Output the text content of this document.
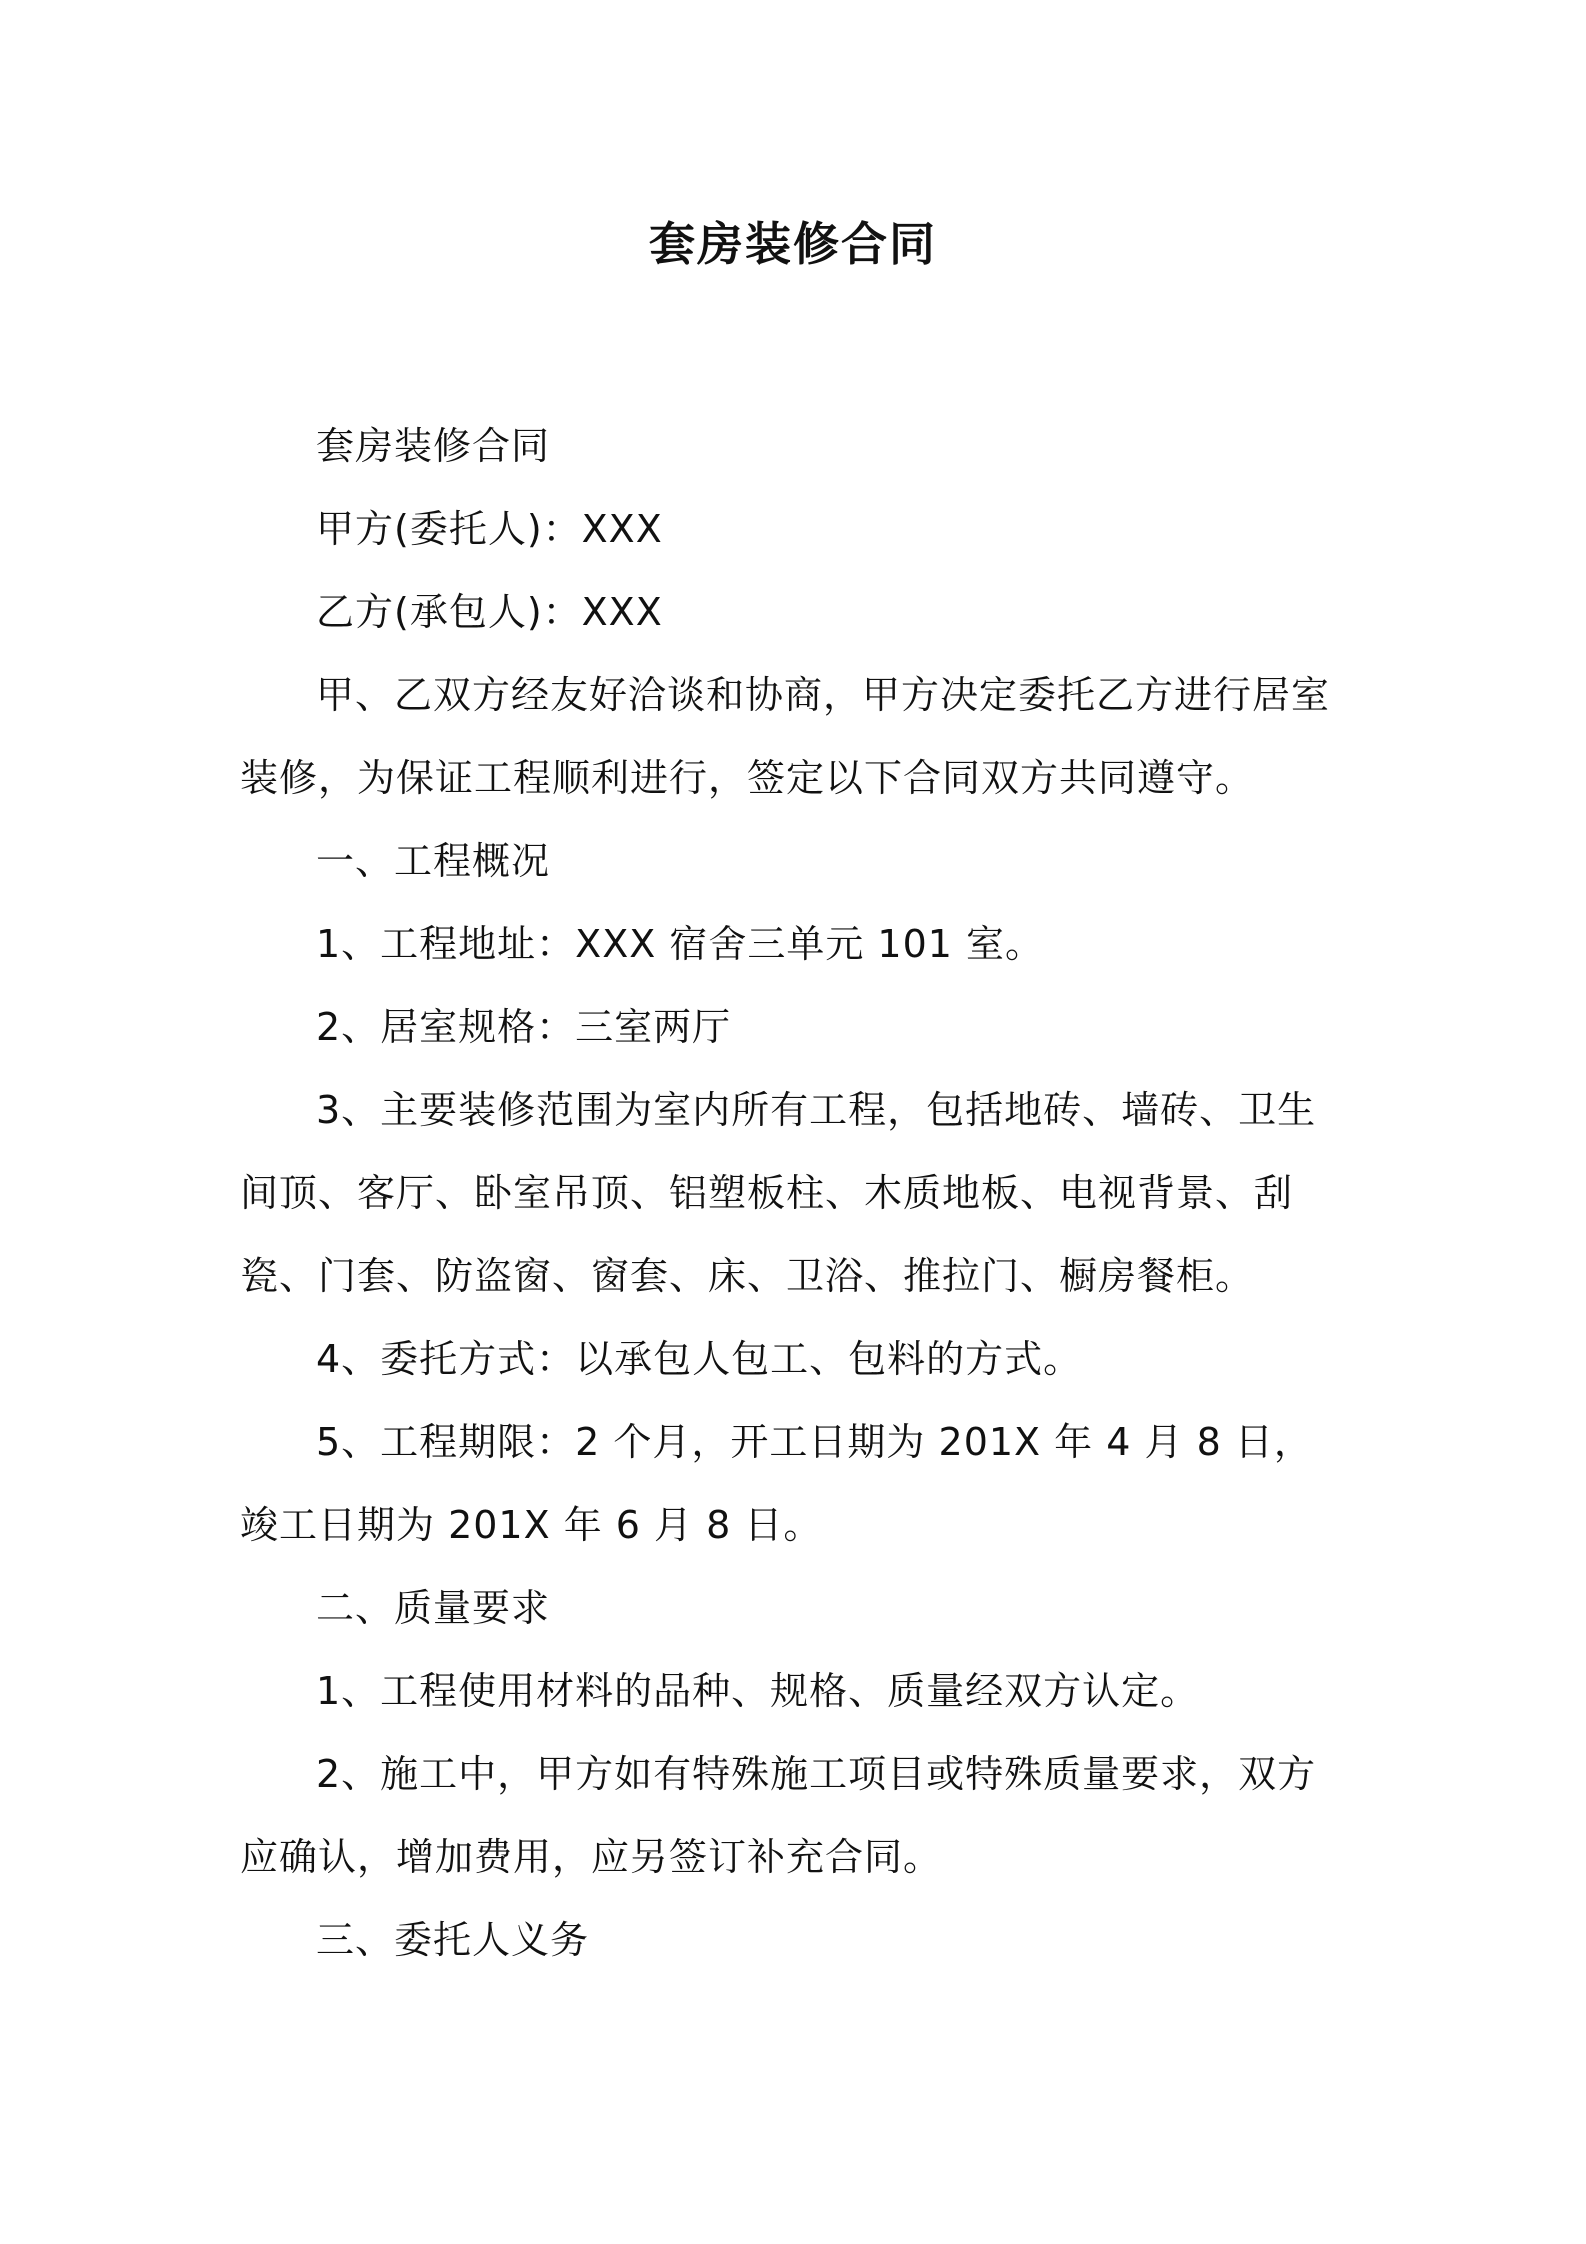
套房装修合同

套房装修合同

甲方(委托人)：XXX

乙方(承包人)：XXX

甲、乙双方经友好洽谈和协商，甲方决定委托乙方进行居室装修，为保证工程顺利进行，签定以下合同双方共同遵守。

一、工程概况

1、工程地址：XXX 宿舍三单元 101 室。

2、居室规格：三室两厅

3、主要装修范围为室内所有工程，包括地砖、墙砖、卫生间顶、客厅、卧室吊顶、铝塑板柱、木质地板、电视背景、刮瓷、门套、防盗窗、窗套、床、卫浴、推拉门、橱房餐柜。

4、委托方式：以承包人包工、包料的方式。

5、工程期限：2 个月，开工日期为 201X 年 4 月 8 日，竣工日期为 201X 年 6 月 8 日。

二、质量要求

1、工程使用材料的品种、规格、质量经双方认定。

2、施工中，甲方如有特殊施工项目或特殊质量要求，双方应确认，增加费用，应另签订补充合同。

三、委托人义务
